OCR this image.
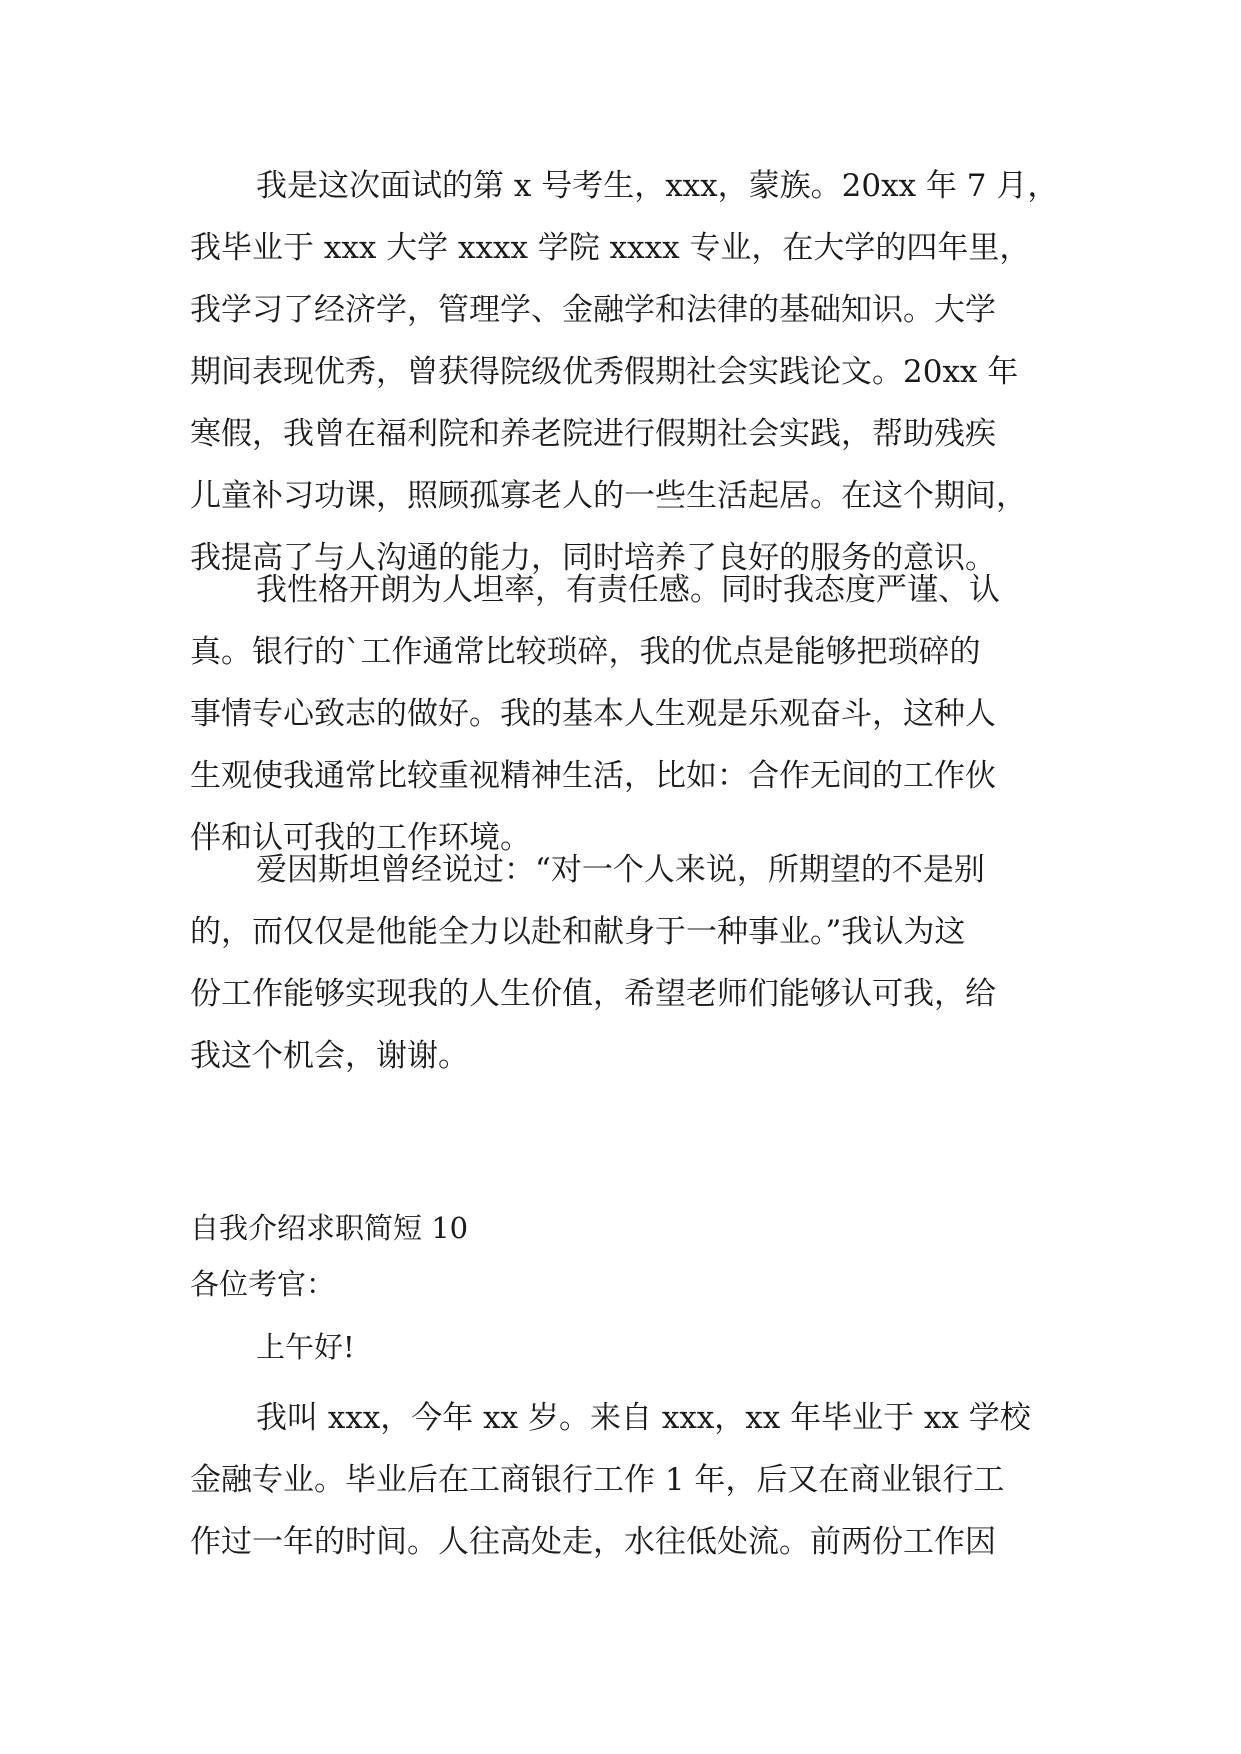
我是这次面试的第 x 号考生，xxx，蒙族。20xx 年 7 月，
我毕业于 xxx 大学 xxxx 学院 xxxx 专业，在大学的四年里，
我学习了经济学，管理学、金融学和法律的基础知识。大学
期间表现优秀，曾获得院级优秀假期社会实践论文。20xx 年
寒假，我曾在福利院和养老院进行假期社会实践，帮助残疾
儿童补习功课，照顾孤寡老人的一些生活起居。在这个期间，
我提高了与人沟通的能力，同时培养了良好的服务的意识。
我性格开朗为人坦率，有责任感。同时我态度严谨、认
真。银行的`工作通常比较琐碎，我的优点是能够把琐碎的
事情专心致志的做好。我的基本人生观是乐观奋斗，这种人
生观使我通常比较重视精神生活，比如：合作无间的工作伙
伴和认可我的工作环境。
爱因斯坦曾经说过：“对一个人来说，所期望的不是别
的，而仅仅是他能全力以赴和献身于一种事业。”我认为这
份工作能够实现我的人生价值，希望老师们能够认可我，给
我这个机会，谢谢。
自我介绍求职简短 10
各位考官：
上午好!
我叫 xxx，今年 xx 岁。来自 xxx，xx 年毕业于 xx 学校
金融专业。毕业后在工商银行工作 1 年，后又在商业银行工
作过一年的时间。人往高处走，水往低处流。前两份工作因
